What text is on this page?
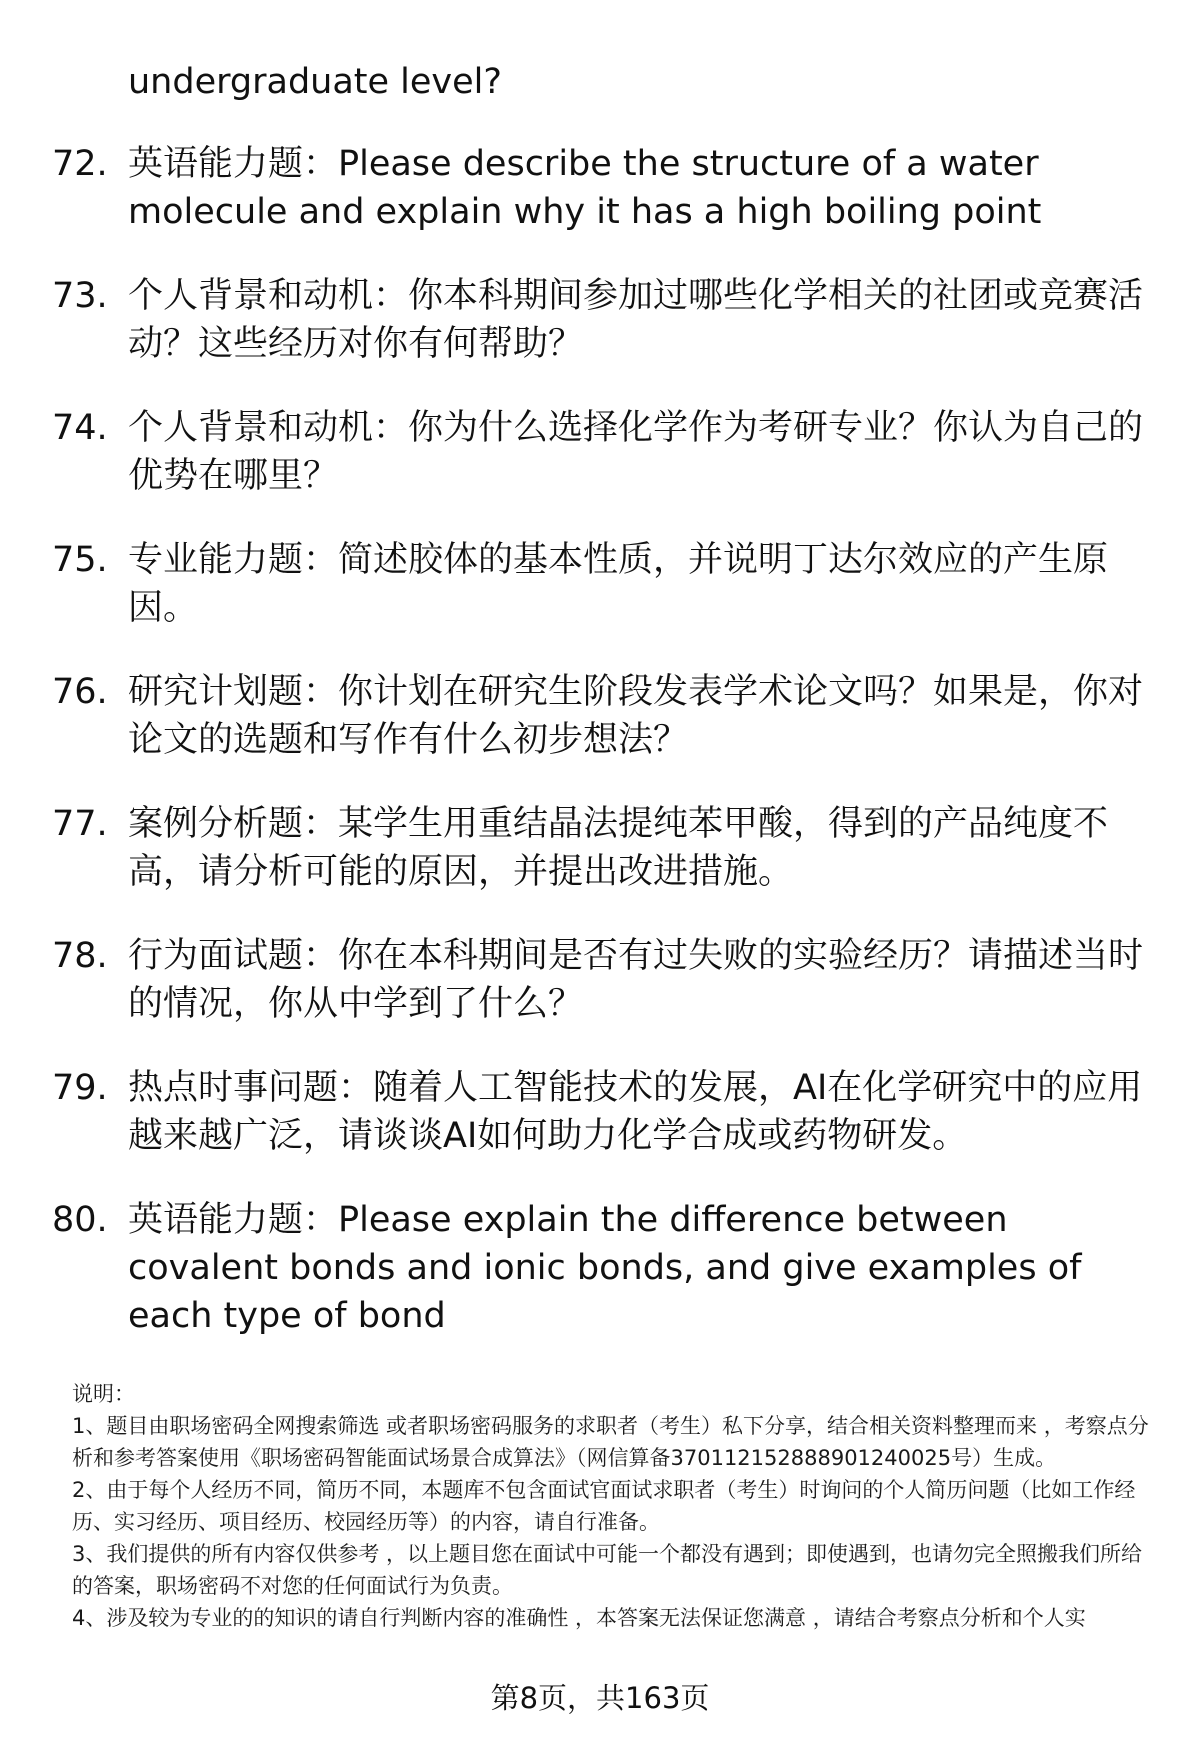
undergraduate level?
72. 英语能力题：Please describe the structure of a water molecule and explain why it has a high boiling point
73. 个人背景和动机：你本科期间参加过哪些化学相关的社团或竞赛活动？这些经历对你有何帮助？
74. 个人背景和动机：你为什么选择化学作为考研专业？你认为自己的优势在哪里？
75. 专业能力题：简述胶体的基本性质，并说明丁达尔效应的产生原因。
76. 研究计划题：你计划在研究生阶段发表学术论文吗？如果是，你对论文的选题和写作有什么初步想法？
77. 案例分析题：某学生用重结晶法提纯苯甲酸，得到的产品纯度不高，请分析可能的原因，并提出改进措施。
78. 行为面试题：你在本科期间是否有过失败的实验经历？请描述当时的情况，你从中学到了什么？
79. 热点时事问题：随着人工智能技术的发展，AI在化学研究中的应用越来越广泛，请谈谈AI如何助力化学合成或药物研发。
80. 英语能力题：Please explain the difference between covalent bonds and ionic bonds, and give examples of each type of bond

说明：

1、题目由职场密码全网搜索筛选 或者职场密码服务的求职者（考生）私下分享，结合相关资料整理而来 ，考察点分析和参考答案使用《职场密码智能面试场景合成算法》（网信算备370112152888901240025号）生成。

2、由于每个人经历不同，简历不同，本题库不包含面试官面试求职者（考生）时询问的个人简历问题（比如工作经历、实习经历、项目经历、校园经历等）的内容，请自行准备。

3、我们提供的所有内容仅供参考 ，以上题目您在面试中可能一个都没有遇到；即使遇到，也请勿完全照搬我们所给的答案，职场密码不对您的任何面试行为负责。

4、涉及较为专业的的知识的请自行判断内容的准确性 ，本答案无法保证您满意 ，请结合考察点分析和个人实

第8页，共163页
